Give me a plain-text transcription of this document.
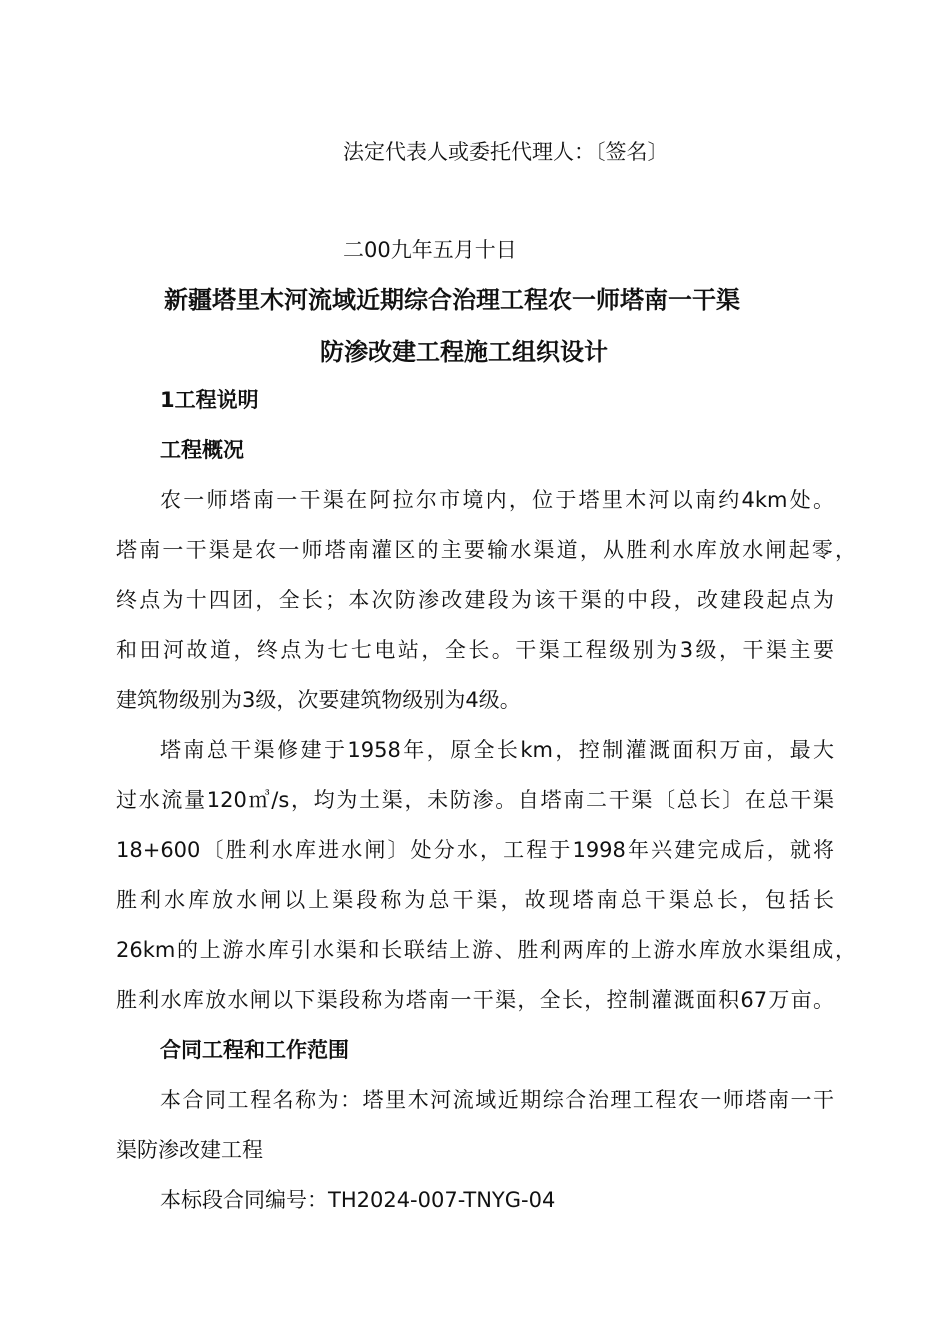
法定代表人或委托代理人：〔签名〕
二00九年五月十日
新疆塔里木河流域近期综合治理工程农一师塔南一干渠
防渗改建工程施工组织设计
1工程说明
工程概况
农一师塔南一干渠在阿拉尔市境内，位于塔里木河以南约4km处。
塔南一干渠是农一师塔南灌区的主要输水渠道，从胜利水库放水闸起零，
终点为十四团，全长；本次防渗改建段为该干渠的中段，改建段起点为
和田河故道，终点为七七电站，全长。干渠工程级别为3级，干渠主要
建筑物级别为3级，次要建筑物级别为4级。
塔南总干渠修建于1958年，原全长km，控制灌溉面积万亩，最大
过水流量120㎥/s，均为土渠，未防渗。自塔南二干渠〔总长〕在总干渠
18+600〔胜利水库进水闸〕处分水，工程于1998年兴建完成后，就将
胜利水库放水闸以上渠段称为总干渠，故现塔南总干渠总长，包括长
26km的上游水库引水渠和长联结上游、胜利两库的上游水库放水渠组成，
胜利水库放水闸以下渠段称为塔南一干渠，全长，控制灌溉面积67万亩。
合同工程和工作范围
本合同工程名称为：塔里木河流域近期综合治理工程农一师塔南一干
渠防渗改建工程
本标段合同编号：TH2024-007-TNYG-04
